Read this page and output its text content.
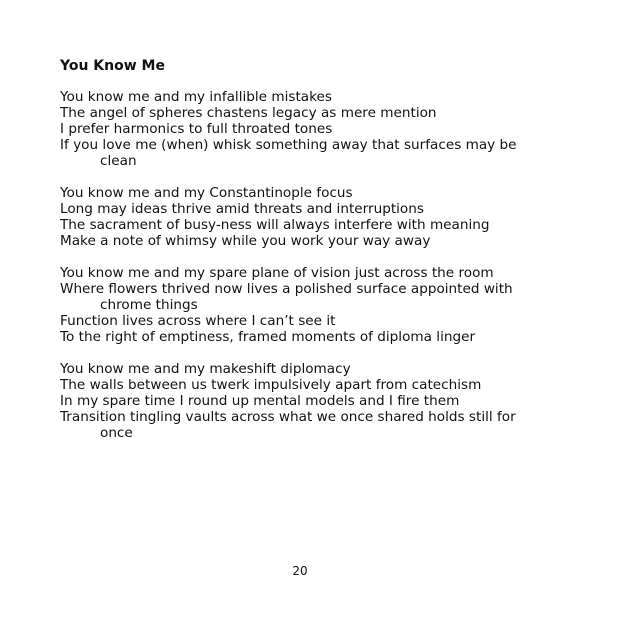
You Know Me
You know me and my infallible mistakes
The angel of spheres chastens legacy as mere mention
I prefer harmonics to full throated tones
If you love me (when) whisk something away that surfaces may be
clean
You know me and my Constantinople focus
Long may ideas thrive amid threats and interruptions
The sacrament of busy-ness will always interfere with meaning
Make a note of whimsy while you work your way away
You know me and my spare plane of vision just across the room
Where flowers thrived now lives a polished surface appointed with
chrome things
Function lives across where I can’t see it
To the right of emptiness, framed moments of diploma linger
You know me and my makeshift diplomacy
The walls between us twerk impulsively apart from catechism
In my spare time I round up mental models and I fire them
Transition tingling vaults across what we once shared holds still for
once
20
